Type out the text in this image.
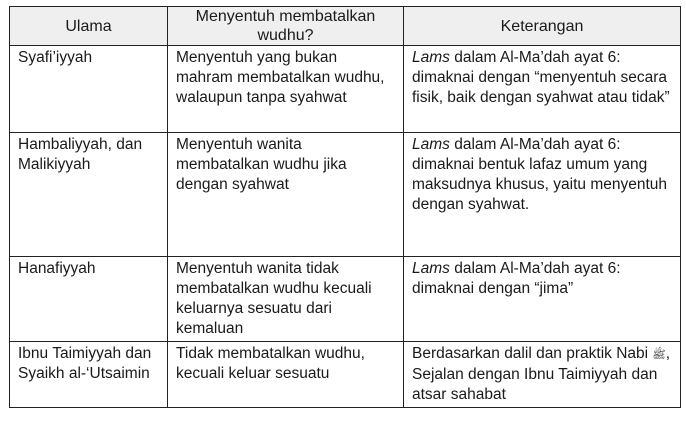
Ulama	Menyentuh membatalkan wudhu?	Keterangan
Syafi’iyyah	Menyentuh yang bukan mahram membatalkan wudhu, walaupun tanpa syahwat	Lams dalam Al-Ma’dah ayat 6: dimaknai dengan “menyentuh secara fisik, baik dengan syahwat atau tidak”
Hambaliyyah, dan Malikiyyah	Menyentuh wanita membatalkan wudhu jika dengan syahwat	Lams dalam Al-Ma’dah ayat 6: dimaknai bentuk lafaz umum yang maksudnya khusus, yaitu menyentuh dengan syahwat.
Hanafiyyah	Menyentuh wanita tidak membatalkan wudhu kecuali keluarnya sesuatu dari kemaluan	Lams dalam Al-Ma’dah ayat 6: dimaknai dengan “jima”
Ibnu Taimiyyah dan Syaikh al-‘Utsaimin	Tidak membatalkan wudhu, kecuali keluar sesuatu	Berdasarkan dalil dan praktik Nabi ﷺ, Sejalan dengan Ibnu Taimiyyah dan atsar sahabat
